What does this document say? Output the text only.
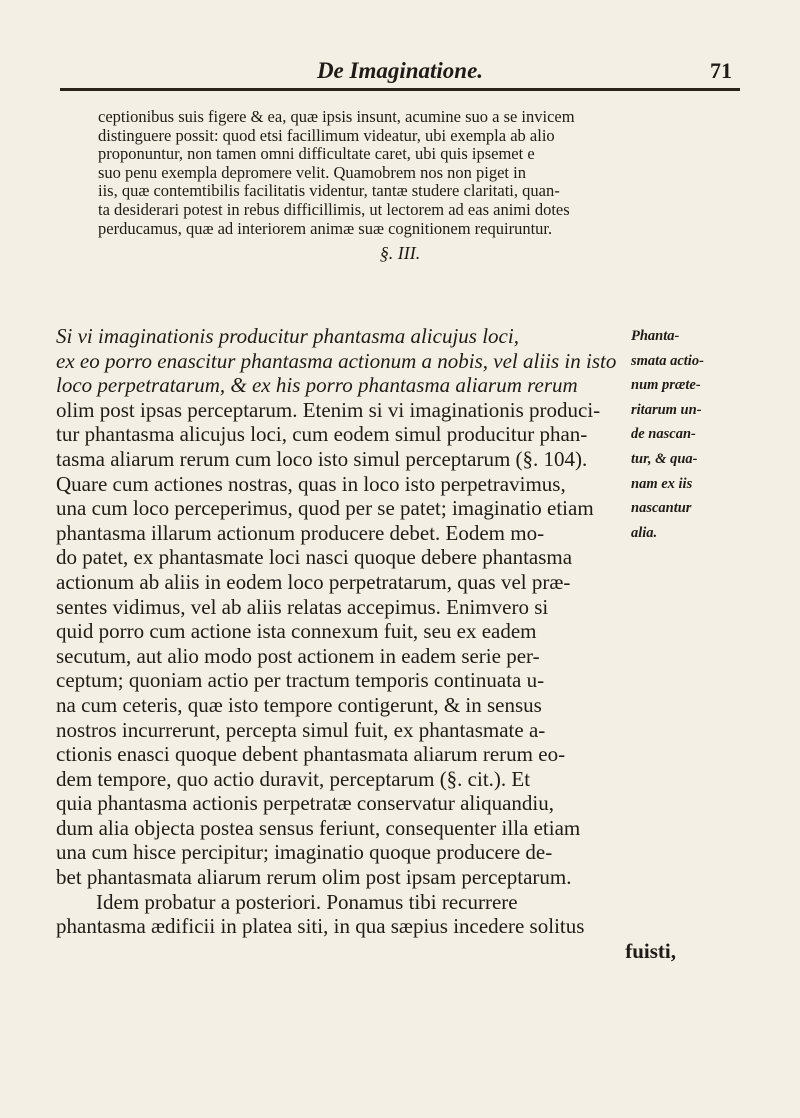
De Imaginatione.	71
ceptionibus suis figere & ea, quæ ipsis insunt, acumine suo a se invicem
distinguere possit: quod etsi facillimum videatur, ubi exempla ab alio
proponuntur, non tamen omni difficultate caret, ubi quis ipsemet e
suo penu exempla depromere velit. Quamobrem nos non piget in
iis, quæ contemtibilis facilitatis videntur, tantæ studere claritati, quan-
ta desiderari potest in rebus difficillimis, ut lectorem ad eas animi dotes
perducamus, quæ ad interiorem animæ suæ cognitionem requiruntur.
§. III.
Si vi imaginationis producitur phantasma alicujus loci,	Phanta-
ex eo porro enascitur phantasma actionum a nobis, vel aliis in isto smata actio-
loco perpetratarum, & ex his porro phantasma aliarum rerum	num præte-
olim post ipsas perceptarum. Etenim si vi imaginationis produci- ritarum un-
tur phantasma alicujus loci, cum eodem simul producitur phan-	de nascan-
tasma aliarum rerum cum loco isto simul perceptarum (§. 104).	tur, & qua-
Quare cum actiones nostras, quas in loco isto perpetravimus,	nam ex iis
una cum loco perceperimus, quod per se patet; imaginatio etiam	nascantur
phantasma illarum actionum producere debet. Eodem mo-	alia.
do patet, ex phantasmate loci nasci quoque debere phantasma
actionum ab aliis in eodem loco perpetratarum, quas vel præ-
sentes vidimus, vel ab aliis relatas accepimus. Enimvero si
quid porro cum actione ista connexum fuit, seu ex eadem
secutum, aut alio modo post actionem in eadem serie per-
ceptum; quoniam actio per tractum temporis continuata u-
na cum ceteris, quæ isto tempore contigerunt, & in sensus
nostros incurrerunt, percepta simul fuit, ex phantasmate a-
ctionis enasci quoque debent phantasmata aliarum rerum eo-
dem tempore, quo actio duravit, perceptarum (§. cit.). Et
quia phantasma actionis perpetratæ conservatur aliquandiu,
dum alia objecta postea sensus feriunt, consequenter illa etiam
una cum hisce percipitur; imaginatio quoque producere de-
bet phantasmata aliarum rerum olim post ipsam perceptarum.
Idem probatur a posteriori. Ponamus tibi recurrere
phantasma ædificii in platea siti, in qua sæpius incedere solitus
fuisti,
